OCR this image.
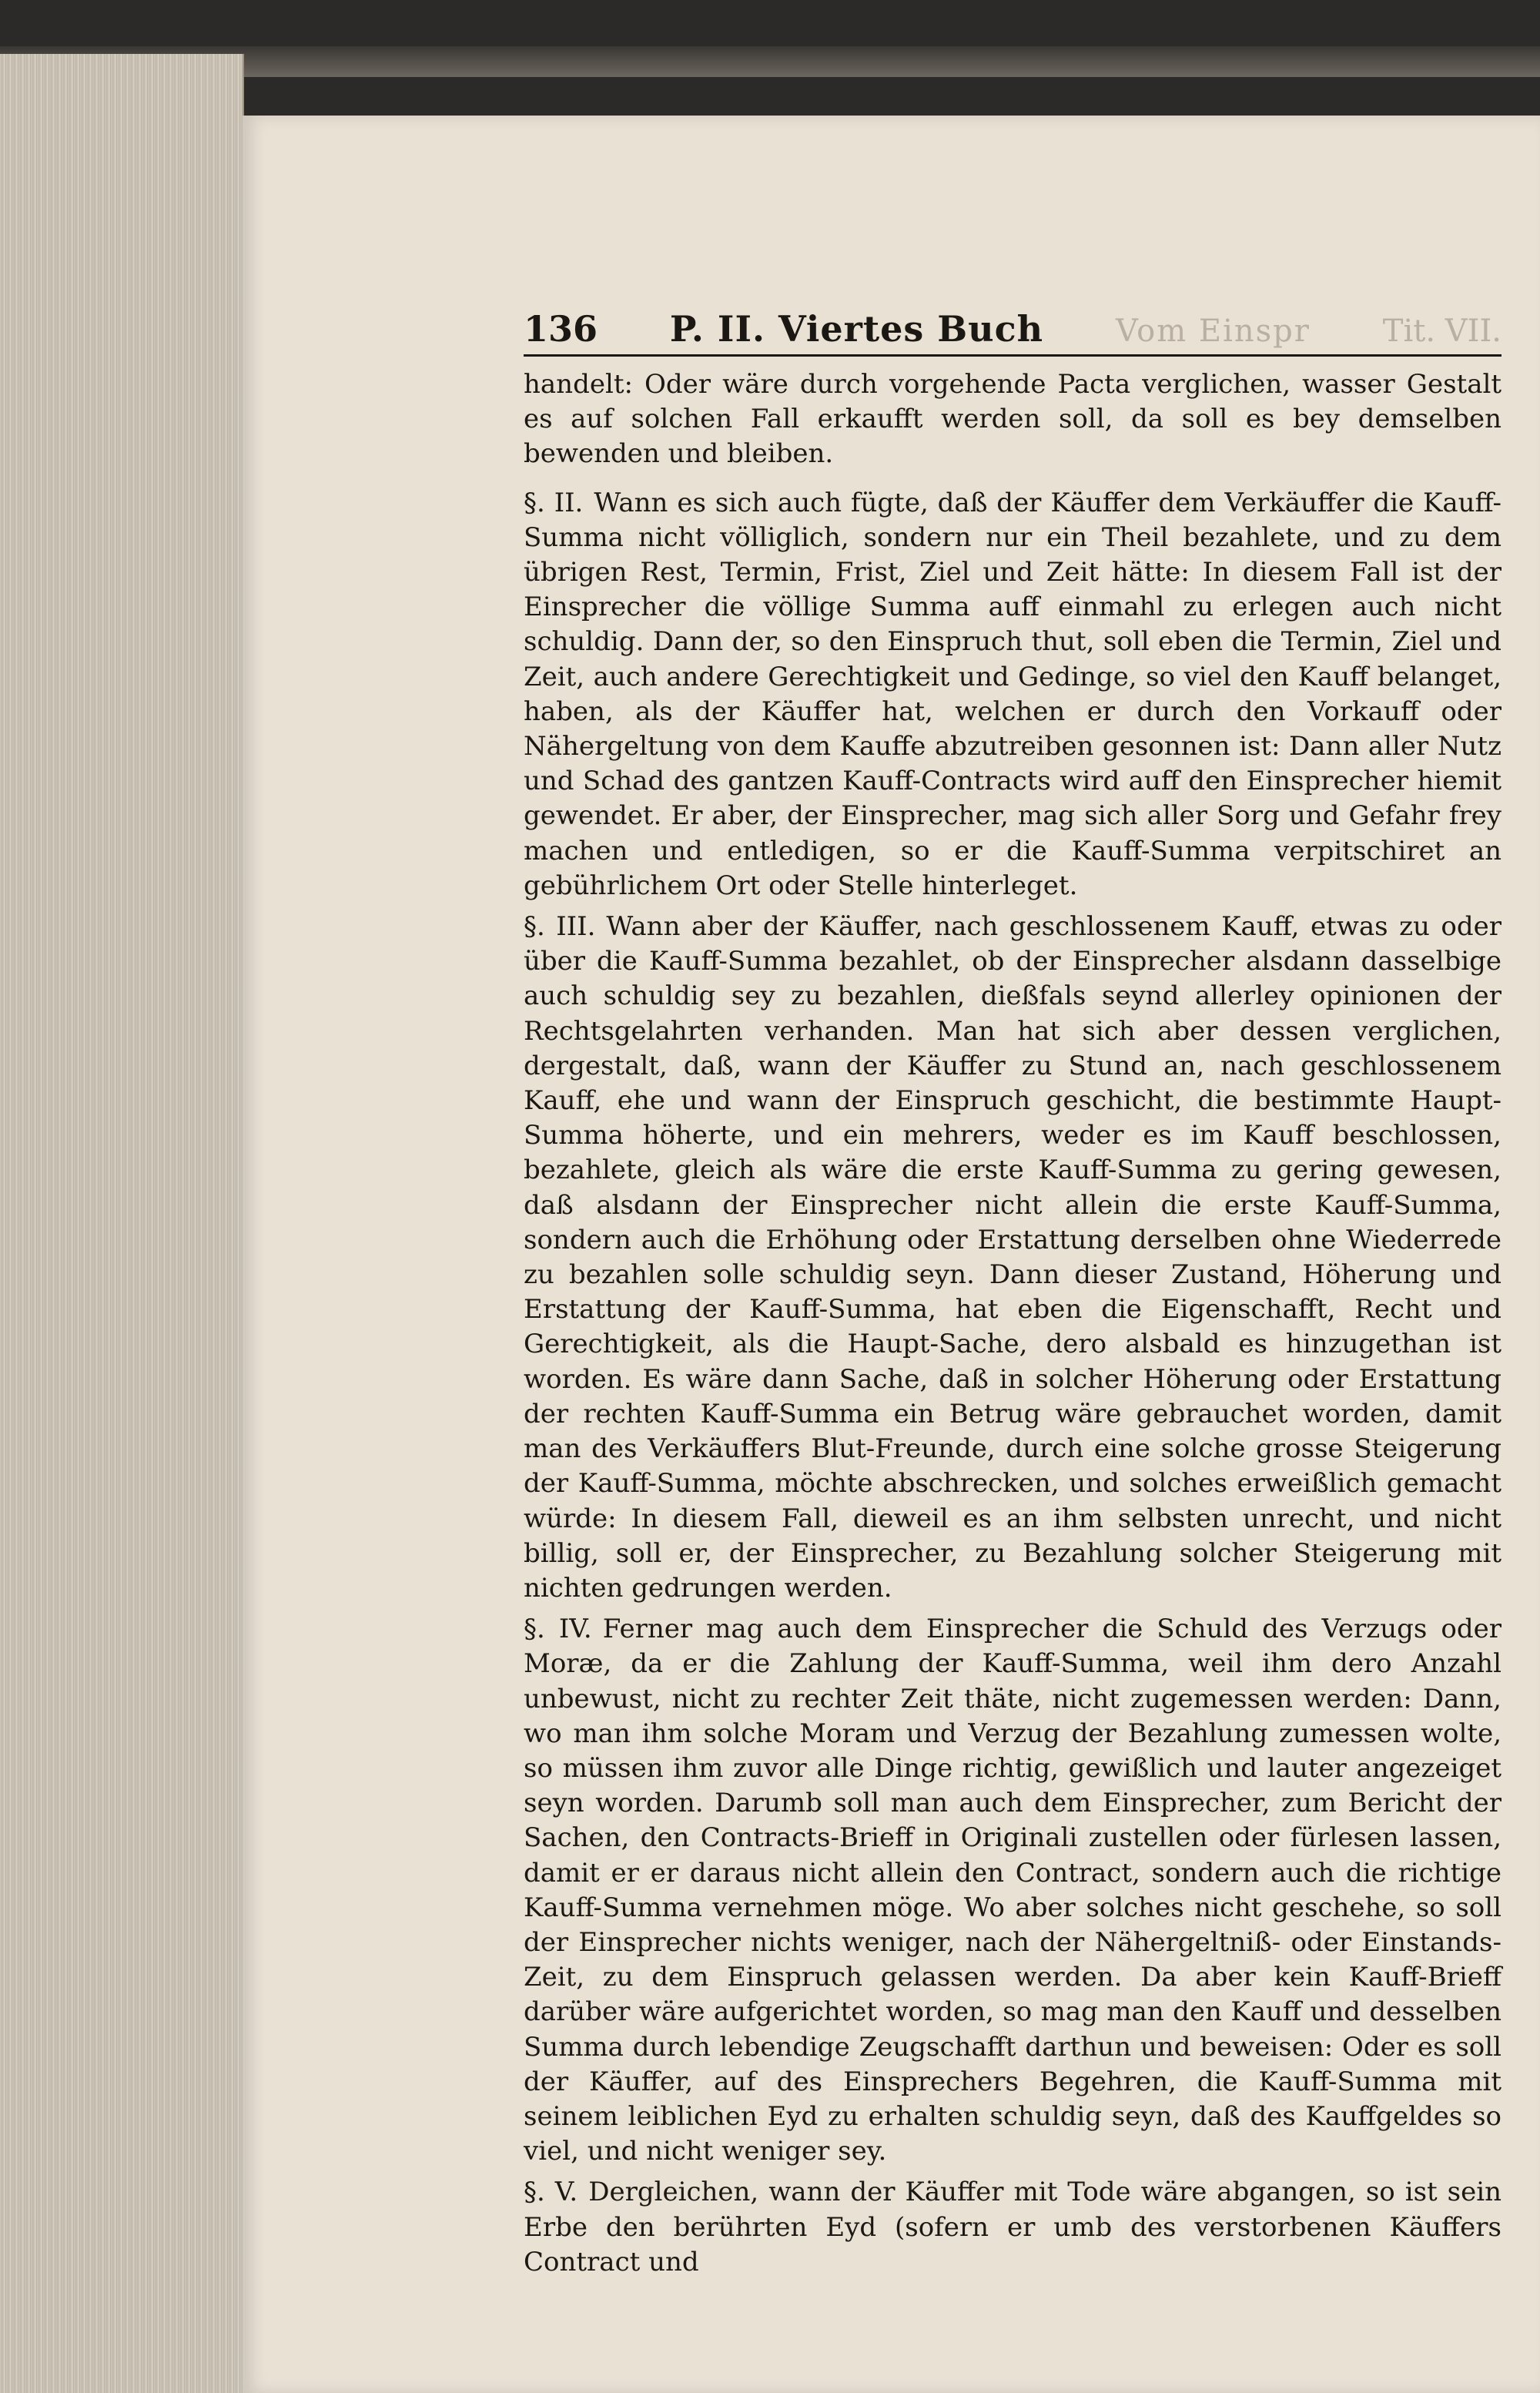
136 P. II. Viertes Buch Vom Einspr Tit. VII.

handelt: Oder wäre durch vorgehende Pacta verglichen, wasser Gestalt es auf solchen Fall erkaufft werden soll, da soll es bey demselben bewenden und bleiben.

§. II. Wann es sich auch fügte, daß der Käuffer dem Verkäuffer die Kauff-Summa nicht völliglich, sondern nur ein Theil bezahlete, und zu dem übrigen Rest, Termin, Frist, Ziel und Zeit hätte: In diesem Fall ist der Einsprecher die völlige Summa auff einmahl zu erlegen auch nicht schuldig. Dann der, so den Einspruch thut, soll eben die Termin, Ziel und Zeit, auch andere Gerechtigkeit und Gedinge, so viel den Kauff belanget, haben, als der Käuffer hat, welchen er durch den Vorkauff oder Nähergeltung von dem Kauffe abzutreiben gesonnen ist: Dann aller Nutz und Schad des gantzen Kauff-Contracts wird auff den Einsprecher hiemit gewendet. Er aber, der Einsprecher, mag sich aller Sorg und Gefahr frey machen und entledigen, so er die Kauff-Summa verpitschiret an gebührlichem Ort oder Stelle hinterleget.

§. III. Wann aber der Käuffer, nach geschlossenem Kauff, etwas zu oder über die Kauff-Summa bezahlet, ob der Einsprecher alsdann dasselbige auch schuldig sey zu bezahlen, dießfals seynd allerley opinionen der Rechtsgelahrten verhanden. Man hat sich aber dessen verglichen, dergestalt, daß, wann der Käuffer zu Stund an, nach geschlossenem Kauff, ehe und wann der Einspruch geschicht, die bestimmte Haupt-Summa höherte, und ein mehrers, weder es im Kauff beschlossen, bezahlete, gleich als wäre die erste Kauff-Summa zu gering gewesen, daß alsdann der Einsprecher nicht allein die erste Kauff-Summa, sondern auch die Erhöhung oder Erstattung derselben ohne Wiederrede zu bezahlen solle schuldig seyn. Dann dieser Zustand, Höherung und Erstattung der Kauff-Summa, hat eben die Eigenschafft, Recht und Gerechtigkeit, als die Haupt-Sache, dero alsbald es hinzugethan ist worden. Es wäre dann Sache, daß in solcher Höherung oder Erstattung der rechten Kauff-Summa ein Betrug wäre gebrauchet worden, damit man des Verkäuffers Blut-Freunde, durch eine solche grosse Steigerung der Kauff-Summa, möchte abschrecken, und solches erweißlich gemacht würde: In diesem Fall, dieweil es an ihm selbsten unrecht, und nicht billig, soll er, der Einsprecher, zu Bezahlung solcher Steigerung mit nichten gedrungen werden.

§. IV. Ferner mag auch dem Einsprecher die Schuld des Verzugs oder Moræ, da er die Zahlung der Kauff-Summa, weil ihm dero Anzahl unbewust, nicht zu rechter Zeit thäte, nicht zugemessen werden: Dann, wo man ihm solche Moram und Verzug der Bezahlung zumessen wolte, so müssen ihm zuvor alle Dinge richtig, gewißlich und lauter angezeiget seyn worden. Darumb soll man auch dem Einsprecher, zum Bericht der Sachen, den Contracts-Brieff in Originali zustellen oder fürlesen lassen, damit er er daraus nicht allein den Contract, sondern auch die richtige Kauff-Summa vernehmen möge. Wo aber solches nicht geschehe, so soll der Einsprecher nichts weniger, nach der Nähergeltniß- oder Einstands-Zeit, zu dem Einspruch gelassen werden. Da aber kein Kauff-Brieff darüber wäre aufgerichtet worden, so mag man den Kauff und desselben Summa durch lebendige Zeugschafft darthun und beweisen: Oder es soll der Käuffer, auf des Einsprechers Begehren, die Kauff-Summa mit seinem leiblichen Eyd zu erhalten schuldig seyn, daß des Kauffgeldes so viel, und nicht weniger sey.

§. V. Dergleichen, wann der Käuffer mit Tode wäre abgangen, so ist sein Erbe den berührten Eyd (sofern er umb des verstorbenen Käuffers Contract und
